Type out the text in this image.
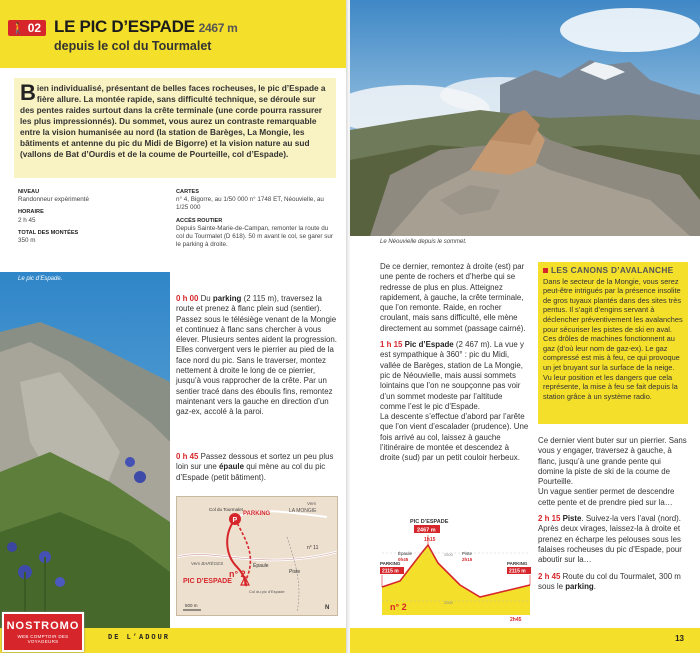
🚶 02 LE PIC D’ESPADE 2467 m
depuis le col du Tourmalet
Bien individualisé, présentant de belles faces rocheuses, le pic d’Espade a fière allure. La montée rapide, sans difficulté technique, se déroule sur des pentes raides surtout dans la crête terminale (une corde pourra rassurer les plus impressionnés). Du sommet, vous aurez un contraste remarquable entre la vision humanisée au nord (la station de Barèges, La Mongie, les bâtiments et antenne du pic du Midi de Bigorre) et la vision nature au sud (vallons de Bat d’Ourdis et de la coume de Pourteille, col d’Espade).
NIVEAU
Randonneur expérimenté
HORAIRE
2 h 45
TOTAL DES MONTÉES
350 m
CARTES
n° 4, Bigorre, au 1/50 000 n° 1748 ET, Néouvielle, au 1/25 000
ACCÈS ROUTIER
Depuis Sainte-Marie-de-Campan, remonter la route du col du Tourmalet (D 618). 50 m avant le col, se garer sur le parking à droite.
Le pic d’Espade.
0 h 00 Du parking (2 115 m), traversez la route et prenez à flanc plein sud (sentier). Passez sous le télésiège venant de la Mongie et continuez à flanc sans chercher à vous élever. Plusieurs sentes aident la progression. Elles convergent vers le pierrier au pied de la face nord du pic. Sans le traverser, montez nettement à droite le long de ce pierrier, jusqu’à vous rapprocher de la crête. Par un sentier tracé dans des éboulis fins, remontez maintenant vers la gauche en direction d’un gaz-ex, accolé à la paroi.
0 h 45 Passez dessous et sortez un peu plus loin sur une épaule qui mène au col du pic d’Espade (petit bâtiment).
P
Col du Tourmalet
PARKING
Vers
LA MONGIE
Vers BARÈGES
n° 11
n° 2
Épaule
Piste
PIC D’ESPADE
Col du pic d’Espade
500 m	N
DE L’ADOUR
NOSTROMO
WEB COMPTOIR DES VOYAGEURS
Le Néouvielle depuis le sommet.

De ce dernier, remontez à droite (est) par une pente de rochers et d’herbe qui se redresse de plus en plus. Atteignez rapidement, à gauche, la crête terminale, que l’on remonte. Raide, en rocher croulant, mais sans difficulté, elle mène directement au sommet (passage cairné).

1 h 15 Pic d’Espade (2 467 m). La vue y est sympathique à 360° : pic du Midi, vallée de Barèges, station de La Mongie, pic de Néouvielle, mais aussi sommets lointains que l’on ne soupçonne pas voir d’un sommet modeste par l’altitude comme l’est le pic d’Espade.

La descente s’effectue d’abord par l’arête que l’on vient d’escalader (prudence). Une fois arrivé au col, laissez à gauche l’itinéraire de montée et descendez à droite (sud) par un petit couloir herbeux.

LES CANONS D’AVALANCHE
Dans le secteur de la Mongie, vous serez peut-être intrigués par la présence insolite de gros tuyaux plantés dans des sites très pentus. Il s’agit d’engins servant à déclencher préventivement les avalanches pour sécuriser les pistes de ski en aval.
Ces drôles de machines fonctionnent au gaz (d’où leur nom de gaz-ex). Le gaz compressé est mis à feu, ce qui provoque un jet bruyant sur la surface de la neige. Vu leur position et les dangers que cela représente, la mise à feu se fait depuis la station grâce à un système radio.

Ce dernier vient buter sur un pierrier. Sans vous y engager, traversez à gauche, à flanc, jusqu’à une grande pente qui domine la piste de ski de la coume de Pourteille.

Un vague sentier permet de descendre cette pente et de prendre pied sur la…

2 h 15 Piste. Suivez-la vers l’aval (nord). Après deux virages, laissez-la à droite et prenez en écharpe les pelouses sous les falaises rocheuses du pic d’Espade, pour aboutir sur la…

2 h 45 Route du col du Tourmalet, 300 m sous le parking.

PIC D’ESPADE
2467 m
1h15
Épaule
0h45
Piste
2h15
PARKING
2115 m
PARKING
2115 m
n° 2
2500
2000
2h45
13
